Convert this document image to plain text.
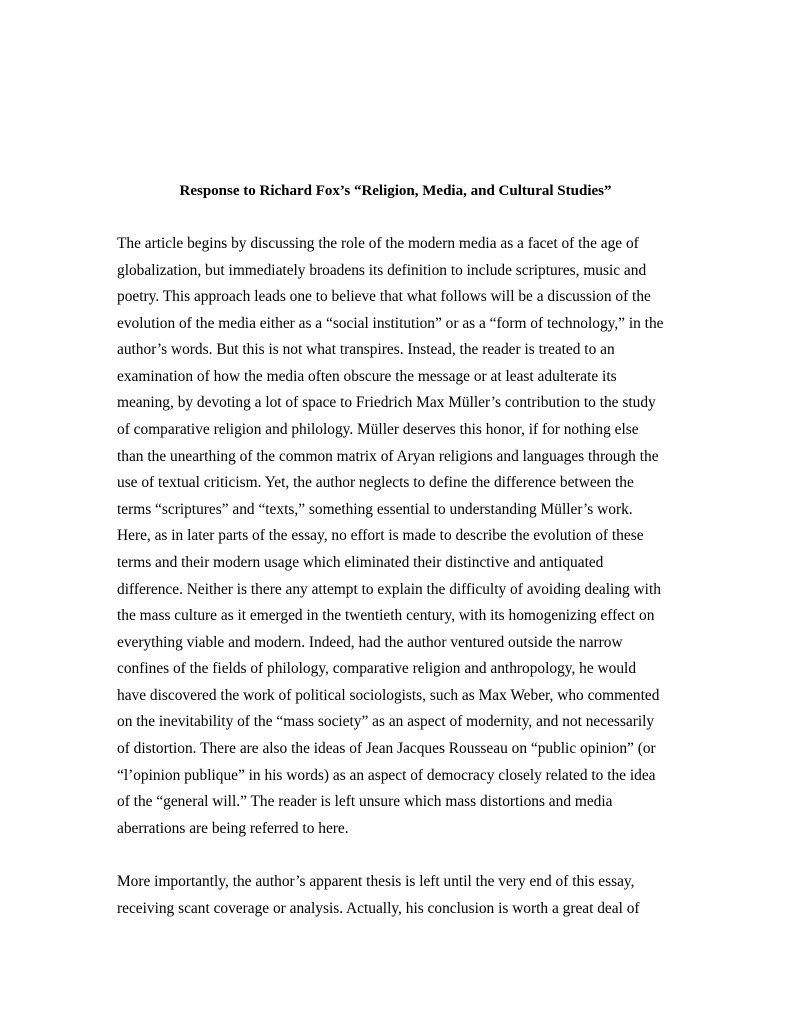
Response to Richard Fox’s “Religion, Media, and Cultural Studies”
The article begins by discussing the role of the modern media as a facet of the age of
globalization, but immediately broadens its definition to include scriptures, music and
poetry. This approach leads one to believe that what follows will be a discussion of the
evolution of the media either as a “social institution” or as a “form of technology,” in the
author’s words. But this is not what transpires. Instead, the reader is treated to an
examination of how the media often obscure the message or at least adulterate its
meaning, by devoting a lot of space to Friedrich Max Müller’s contribution to the study
of comparative religion and philology. Müller deserves this honor, if for nothing else
than the unearthing of the common matrix of Aryan religions and languages through the
use of textual criticism. Yet, the author neglects to define the difference between the
terms “scriptures” and “texts,” something essential to understanding Müller’s work.
Here, as in later parts of the essay, no effort is made to describe the evolution of these
terms and their modern usage which eliminated their distinctive and antiquated
difference. Neither is there any attempt to explain the difficulty of avoiding dealing with
the mass culture as it emerged in the twentieth century, with its homogenizing effect on
everything viable and modern. Indeed, had the author ventured outside the narrow
confines of the fields of philology, comparative religion and anthropology, he would
have discovered the work of political sociologists, such as Max Weber, who commented
on the inevitability of the “mass society” as an aspect of modernity, and not necessarily
of distortion. There are also the ideas of Jean Jacques Rousseau on “public opinion” (or
“l’opinion publique” in his words) as an aspect of democracy closely related to the idea
of the “general will.” The reader is left unsure which mass distortions and media
aberrations are being referred to here.
More importantly, the author’s apparent thesis is left until the very end of this essay,
receiving scant coverage or analysis. Actually, his conclusion is worth a great deal of
